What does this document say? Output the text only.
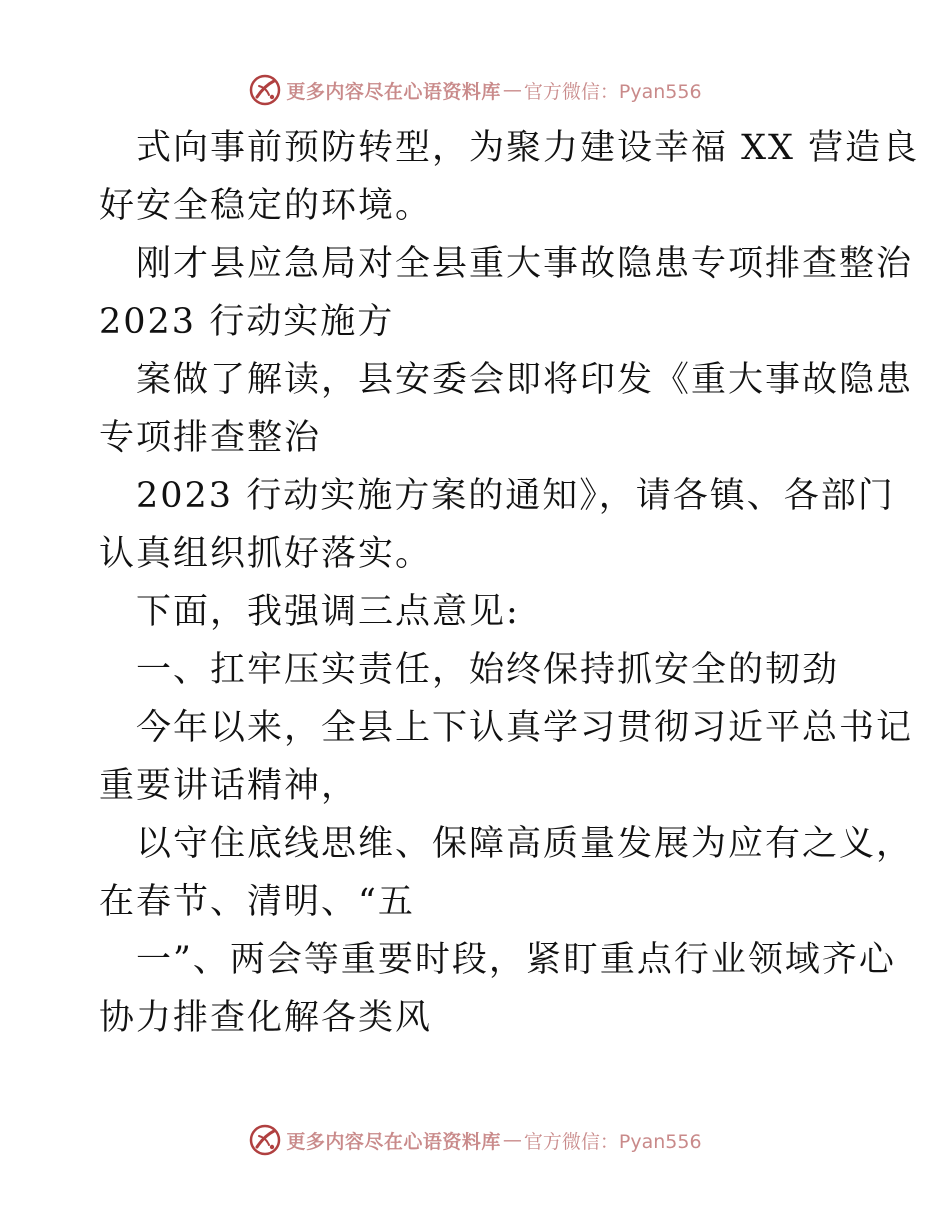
更多内容尽在心语资料库 — 官方微信：Pyan556
式向事前预防转型，为聚力建设幸福 XX 营造良
好安全稳定的环境。
刚才县应急局对全县重大事故隐患专项排查整治
2023 行动实施方
案做了解读，县安委会即将印发《重大事故隐患
专项排查整治
2023 行动实施方案的通知》，请各镇、各部门
认真组织抓好落实。
下面，我强调三点意见:
一、扛牢压实责任，始终保持抓安全的韧劲
今年以来，全县上下认真学习贯彻习近平总书记
重要讲话精神，
以守住底线思维、保障高质量发展为应有之义，
在春节、清明、“五
一”、两会等重要时段，紧盯重点行业领域齐心
协力排查化解各类风
更多内容尽在心语资料库 — 官方微信：Pyan556
